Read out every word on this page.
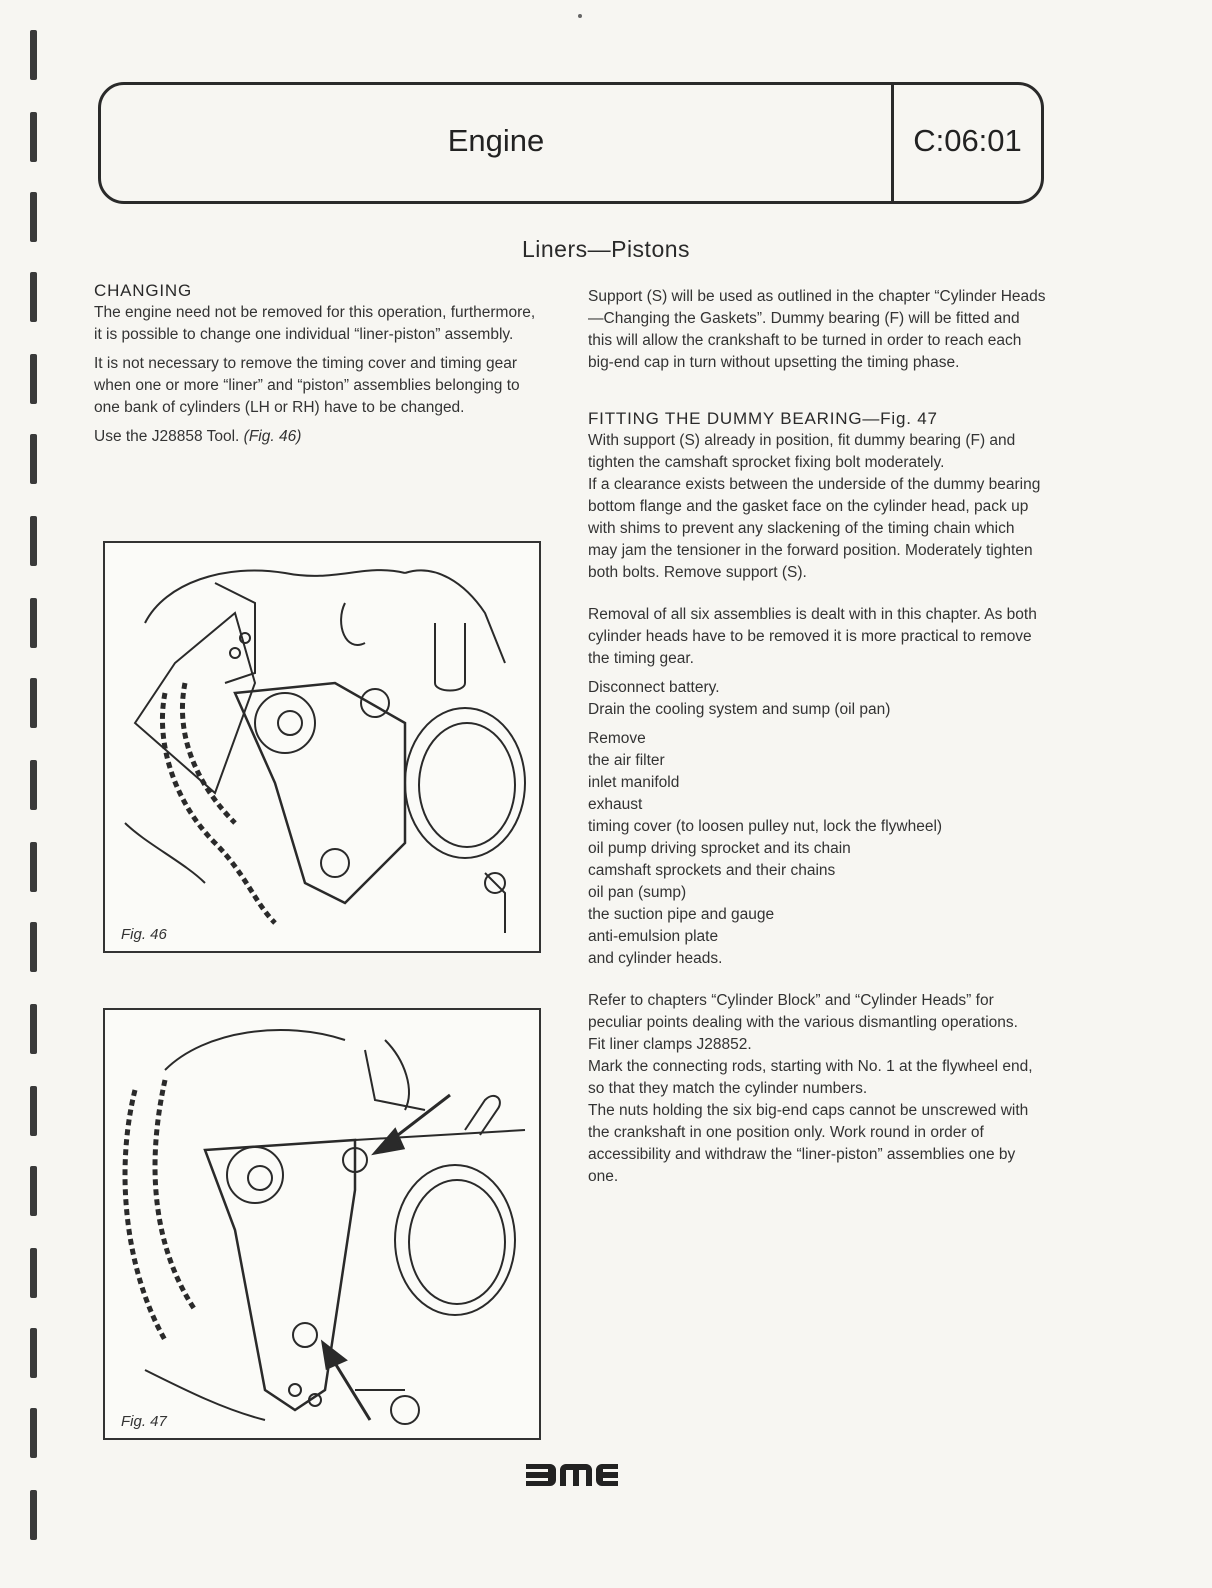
Engine	C:06:01
Liners—Pistons

CHANGING

The engine need not be removed for this operation, furthermore, it is possible to change one individual “liner-piston” assembly.

It is not necessary to remove the timing cover and timing gear when one or more “liner” and “piston” assemblies belonging to one bank of cylinders (LH or RH) have to be changed.

Use the J28858 Tool. (Fig. 46)

Fig. 46
Fig. 47

Support (S) will be used as outlined in the chapter “Cylinder Heads—Changing the Gaskets”. Dummy bearing (F) will be fitted and this will allow the crankshaft to be turned in order to reach each big-end cap in turn without upsetting the timing phase.

FITTING THE DUMMY BEARING—Fig. 47

With support (S) already in position, fit dummy bearing (F) and tighten the camshaft sprocket fixing bolt moderately.

If a clearance exists between the underside of the dummy bearing bottom flange and the gasket face on the cylinder head, pack up with shims to prevent any slackening of the timing chain which may jam the tensioner in the forward position. Moderately tighten both bolts. Remove support (S).

Removal of all six assemblies is dealt with in this chapter. As both cylinder heads have to be removed it is more practical to remove the timing gear.

Disconnect battery.

Drain the cooling system and sump (oil pan)

Remove

the air filter

inlet manifold

exhaust

timing cover (to loosen pulley nut, lock the flywheel)

oil pump driving sprocket and its chain

camshaft sprockets and their chains

oil pan (sump)

the suction pipe and gauge

anti-emulsion plate

and cylinder heads.

Refer to chapters “Cylinder Block” and “Cylinder Heads” for peculiar points dealing with the various dismantling operations.

Fit liner clamps J28852.

Mark the connecting rods, starting with No. 1 at the flywheel end, so that they match the cylinder numbers.

The nuts holding the six big-end caps cannot be unscrewed with the crankshaft in one position only. Work round in order of accessibility and withdraw the “liner-piston” assemblies one by one.
